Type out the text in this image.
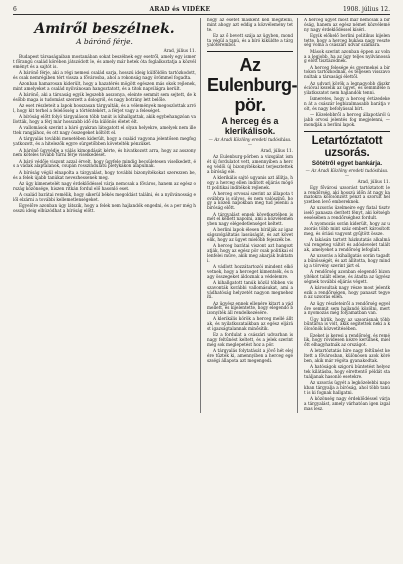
6	ARAD és VIDÉKE	1908. július 12.
Amiről beszélnek.
A bárónő férje.
Arad, július 11.

Budapest társaságaiban mostanában sokat beszélnek egy esetről, amely egy ismert főrangú család körében játszódott le, és amely már hetek óta foglalkoztatja a közvéleményt és a sajtót is.

A bárónő férje, aki a régi nemesi család sarja, hosszú ideig külföldön tartózkodott, és csak nemrégiben tért vissza a fővárosba, ahol a rokonság nagy örömmel fogadta.

Azonban hamarosan kiderült, hogy a hazatérés mögött egészen más okok rejlenek, mint amelyeket a család nyilvánosan hangoztatott, és a titok napvilágra került.

A bárónő, aki a társaság egyik legszebb asszonya, eleinte semmit sem sejtett, de később maga is tudomást szerzett a dologról, és nagy botrány lett belőle.

Az eset részleteit a lapok hosszasan tárgyalták, és a vélemények megoszlottak arról, hogy kit terhel a felelősség a történtekért, a férjet vagy a feleséget.

A bíróság előtt folyó tárgyaláson több tanút is kihallgattak, akik egybehangzóan vallották, hogy a férj már hosszabb idő óta különös életet élt.

A vallomások szerint a báró gyakran látogatott el olyan helyekre, amelyek nem illettek rangjához, és ott nagy összegeket költött el.

A tárgyalás további menetében kiderült, hogy a család vagyona jelentősen megfogyatkozott, és a hitelezők egyre sürgetőbben követelték pénzüket.

A bárónő ügyvédje a válás kimondását kérte, és hivatkozott arra, hogy az asszony nem köteles tovább tűrni férje viselkedését.

A báró védője viszont azzal érvelt, hogy ügyfele mindig becsületesen viselkedett, és a vádak alaptalanok, csupán rosszindulatú pletykákon alapulnak.

A bíróság végül elnapolta a tárgyalást, hogy további bizonyítékokat szerezzen be, és a felek újabb tanúkat nevezhessenek meg.

Az ügy kimenetelét nagy érdeklődéssel várja nemcsak a főváros, hanem az egész ország közönsége, hiszen ritkán fordul elő hasonló eset.

A család barátai remélik, hogy sikerül békés megoldást találni, és a nyilvánosság elől elzárni a további kellemetlenségeket.

Egyelőre azonban úgy látszik, hogy a felek nem hajlandók engedni, és a per még hosszú ideig elhúzódhat a bíróság előtt.

hogy az esetet másként kell megítélni, mint ahogy azt eddig a közvélemény tette.

Ez az ő bevett szája az ügyben, mondta végül a tanú, és a bíró kiküldte a tárgyalóteremből.

Az Eulenburg-pör.
A herceg és a klerikálisok.
— Az Aradi Közlöny eredeti tudósítása. —
Arad, július 11.

Az Eulenburg-pörben a vizsgálat ismét új fordulatot vett, amennyiben a herceg védői új bizonyítékokat terjesztettek a bíróság elé.

A klerikális sajtó ugyanis azt állítja, hogy a herceg ellen indított eljárás mögött politikai indítékok rejlenek.

A herceg orvosai szerint az állapota továbbra is súlyos, és nem valószínű, hogy a közeli napokban meg tud jelenni a bíróság előtt.

A tárgyalást ennek következtében ismét el kellett napolni, ami a közvéleményben nagy elégedetlenséget keltett.

A berlini lapok élesen bírálják az igazságszolgáltatás lassúságát, és azt követelik, hogy az ügyet mielőbb fejezzék be.

A herceg barátai viszont azt hangoztatják, hogy az egész pör csak politikai ellenfelei műve, akik meg akarják buktatni.

A vádlott hozzátartozói mindent elkövetnek, hogy a herceget kimentsék, és nagy összegeket áldoznak a védelemre.

A kihallgatott tanúk közül többen visszavonták korábbi vallomásukat, ami a vádhatóság helyzetét nagyon megnehezíti.

Az ügyész ennek ellenére kitart a vád mellett, és kijelentette, hogy elegendő bizonyíték áll rendelkezésére.

A klerikális körök a herceg mellé álltak, és nyilatkozataikban az egész eljárást igazságtalannak minősítik.

Ez a fordulat a császári udvarban is nagy feltűnést keltett, és a jelek szerint még sok meglepetést hoz a pör.

A tárgyalás folytatását a jövő hét elejére tűzték ki, amennyiben a herceg egészségi állapota azt megengedi.

A herceg ügyét most már nemcsak a bíróság, hanem az egész német közvélemény nagy érdeklődéssel kíséri.

Egyik előkelő berlini politikus kijelentette, hogy a herceg bukása nagy veszteség volna a császári udvar számára.

Mások szerint azonban éppen az volna a legjobb, ha az ügy teljes nyilvánosság előtt tisztázódnék.

A herceg felesége és gyermekei a birtokon tartózkodnak, és teljesen visszavonultak a társasági élettől.

Az udvari körök a legnagyobb diszkrécióval kezelik az ügyet, és semmiféle nyilatkozatot nem hajlandók tenni.

Ismeretes, hogy a herceg évtizedeken át a császár legbizalmasabb barátja volt, és nagy befolyással bírt.

— Közelebbről a herceg állapotáról újabb orvosi jelentés fog megjelenni, — mondják a berlini lapok.

Letartóztatott uzsorás.
Sötétről egyet bankárja.
— Az Aradi Közlöny eredeti tudósítása. —
Arad, július 11.

Egy fővárosi uzsorást tartóztatott le a rendőrség, aki hosszú időn át nagy kamatokra kölcsönzött pénzt a szorult helyzetben levő embereknek.

Az uzsorás üzelmeire egy fiatal tisztviselő panasza derített fényt, aki kétségbeesésében a rendőrséghez fordult.

A nyomozás során kiderült, hogy az uzsorás több mint száz embert károsított meg, és óriási vagyont gyűjtött össze.

A lakásán tartott házkutatás alkalmával rengeteg váltót és adóslevelet találtak, amelyeket a rendőrség lefoglalt.

Az uzsorás a kihallgatás során tagadta bűnösségét, és azt állította, hogy mindig a törvény szerint járt el.

A rendőrség azonban elegendő bizonyítékot talált ellene, és átadta az ügyészségnek további eljárás végett.

A károsultak nagy része most jelentkezik a rendőrségen, hogy panaszt tegyen az uzsorás ellen.

Az ügy részleteiről a rendőrség egyelőre semmit sem hajlandó közölni, mert a nyomozás még folyamatban van.

Úgy hírlik, hogy az uzsorásnak több bűntársa is volt, akik segítettek neki a kölcsönök közvetítésében.

Ezeket is keresi a rendőrség, és remélik, hogy rövidesen kézre kerülnek, mielőtt elhagyhatnák az országot.

A letartóztatás híre nagy feltűnést keltett a fővárosban, különösen azok körében, akik már régóta gyanakodtak.

A hatóságok szigorú büntetést helyeztek kilátásba, hogy elrettentő példát statuáljanak hasonló esetekre.

Az uzsorás ügyét a legközelebbi napokban tárgyalja a bíróság, ahol több tanút is ki fognak hallgatni.

A közönség nagy érdeklődéssel várja a tárgyalást, amely várhatóan igen izgalmas lesz.
